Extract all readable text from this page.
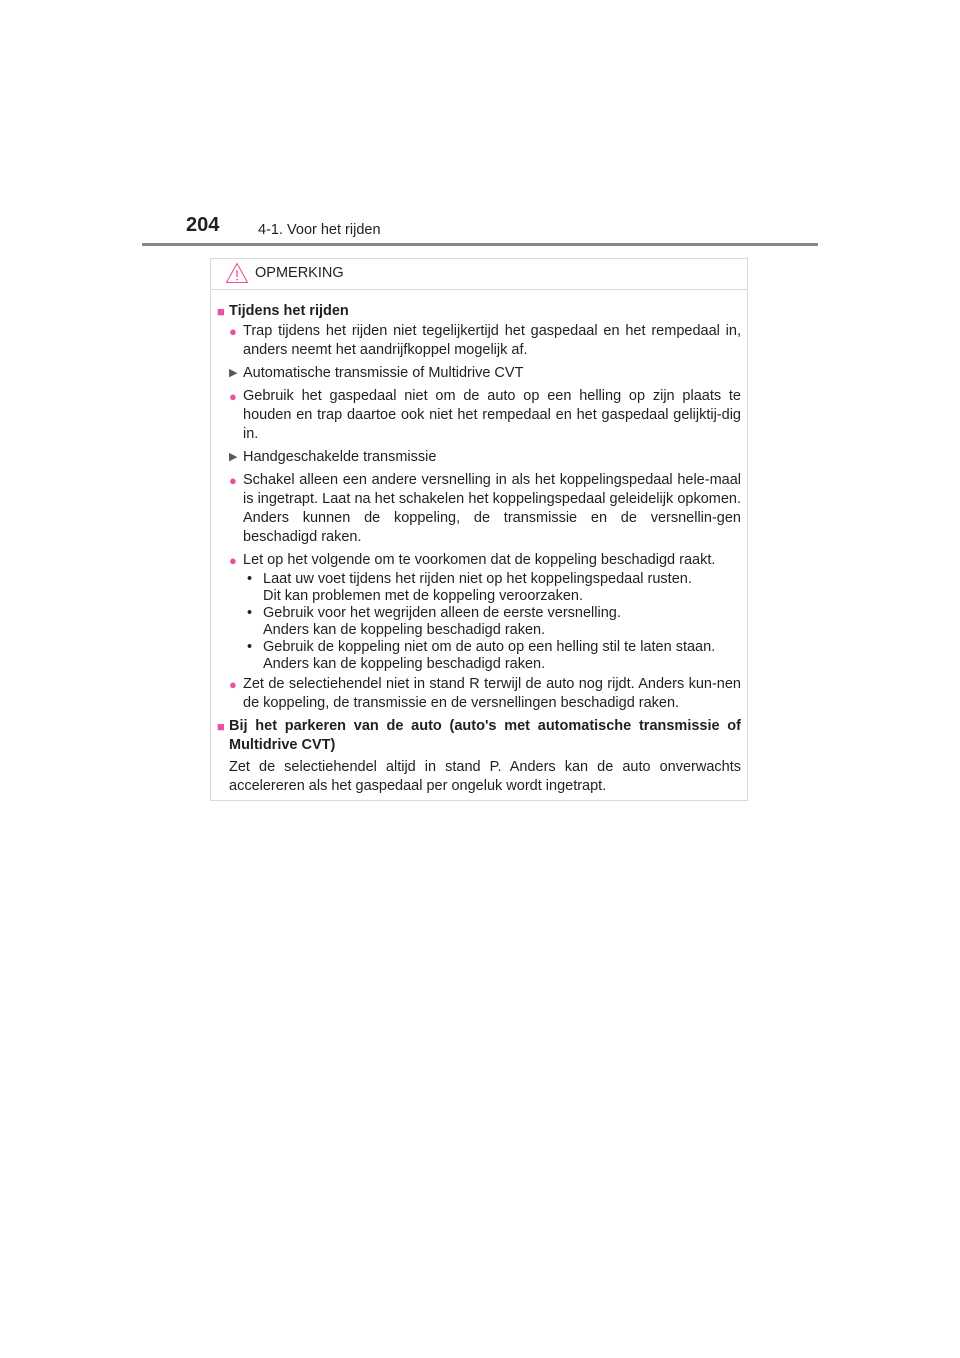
204	4-1. Voor het rijden
OPMERKING
■ Tijdens het rijden
● Trap tijdens het rijden niet tegelijkertijd het gaspedaal en het rempedaal in, anders neemt het aandrijfkoppel mogelijk af.
▶ Automatische transmissie of Multidrive CVT
● Gebruik het gaspedaal niet om de auto op een helling op zijn plaats te houden en trap daartoe ook niet het rempedaal en het gaspedaal gelijktij-dig in.
▶ Handgeschakelde transmissie
● Schakel alleen een andere versnelling in als het koppelingspedaal hele-maal is ingetrapt. Laat na het schakelen het koppelingspedaal geleidelijk opkomen. Anders kunnen de koppeling, de transmissie en de versnellin-gen beschadigd raken.
● Let op het volgende om te voorkomen dat de koppeling beschadigd raakt.
• Laat uw voet tijdens het rijden niet op het koppelingspedaal rusten.
Dit kan problemen met de koppeling veroorzaken.
• Gebruik voor het wegrijden alleen de eerste versnelling.
Anders kan de koppeling beschadigd raken.
• Gebruik de koppeling niet om de auto op een helling stil te laten staan.
Anders kan de koppeling beschadigd raken.
● Zet de selectiehendel niet in stand R terwijl de auto nog rijdt. Anders kun-nen de koppeling, de transmissie en de versnellingen beschadigd raken.
■ Bij het parkeren van de auto (auto's met automatische transmissie of Multidrive CVT)
Zet de selectiehendel altijd in stand P. Anders kan de auto onverwachts accelereren als het gaspedaal per ongeluk wordt ingetrapt.
